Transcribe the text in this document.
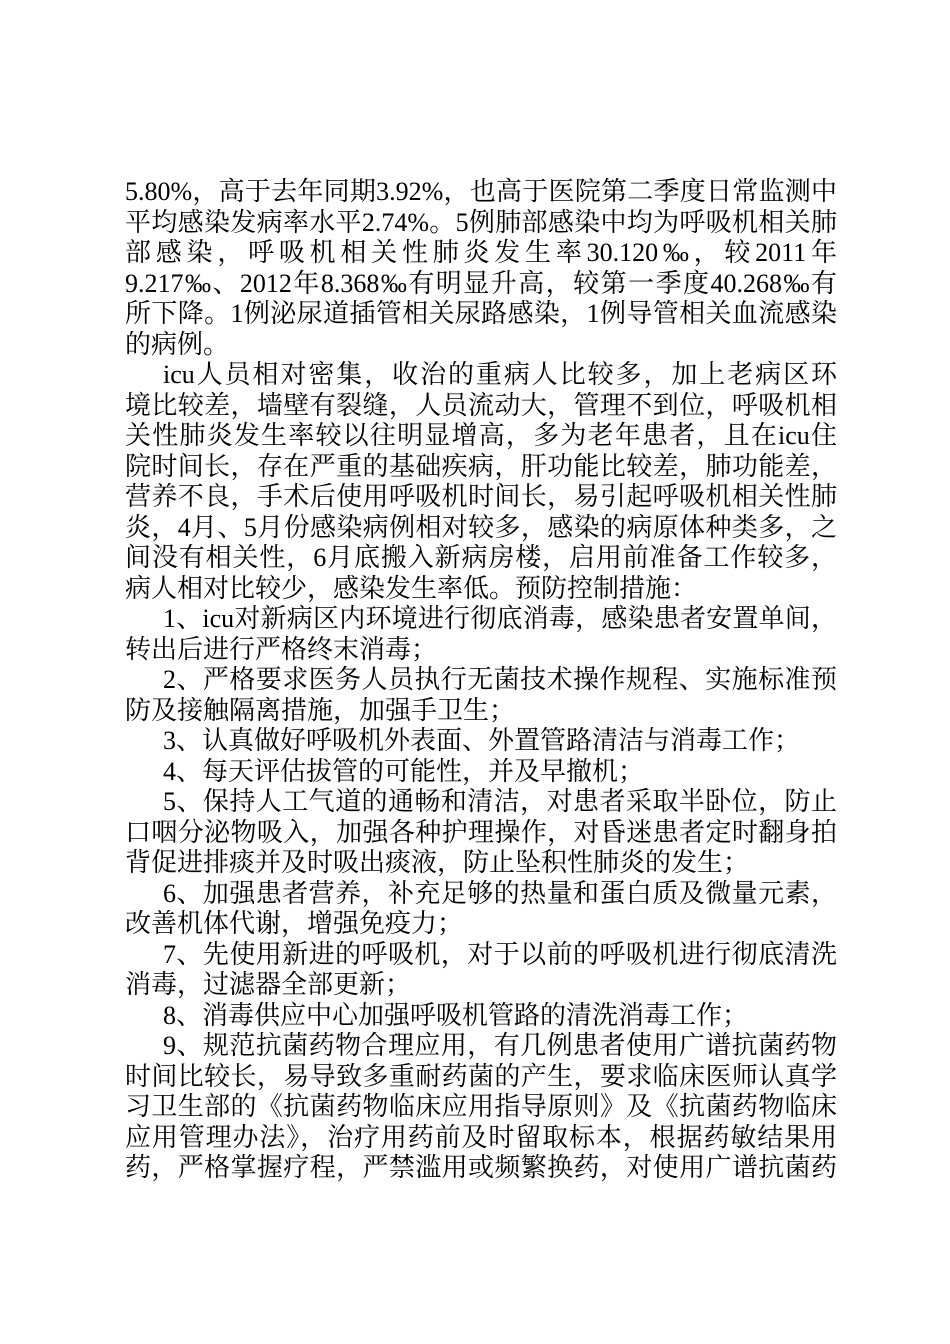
5.80%，高于去年同期3.92%，也高于医院第二季度日常监测中
平均感染发病率水平2.74%。5例肺部感染中均为呼吸机相关肺
部感染，呼吸机相关性肺炎发生率30.120‰，较2011年
9.217‰、2012年8.368‰有明显升高，较第一季度40.268‰有
所下降。1例泌尿道插管相关尿路感染，1例导管相关血流感染
的病例。
icu人员相对密集，收治的重病人比较多，加上老病区环
境比较差，墙壁有裂缝，人员流动大，管理不到位，呼吸机相
关性肺炎发生率较以往明显增高，多为老年患者，且在icu住
院时间长，存在严重的基础疾病，肝功能比较差，肺功能差，
营养不良，手术后使用呼吸机时间长，易引起呼吸机相关性肺
炎，4月、5月份感染病例相对较多，感染的病原体种类多，之
间没有相关性，6月底搬入新病房楼，启用前准备工作较多，
病人相对比较少，感染发生率低。预防控制措施：
1、icu对新病区内环境进行彻底消毒，感染患者安置单间，
转出后进行严格终末消毒；
2、严格要求医务人员执行无菌技术操作规程、实施标准预
防及接触隔离措施，加强手卫生；
3、认真做好呼吸机外表面、外置管路清洁与消毒工作；
4、每天评估拔管的可能性，并及早撤机；
5、保持人工气道的通畅和清洁，对患者采取半卧位，防止
口咽分泌物吸入，加强各种护理操作，对昏迷患者定时翻身拍
背促进排痰并及时吸出痰液，防止坠积性肺炎的发生；
6、加强患者营养，补充足够的热量和蛋白质及微量元素，
改善机体代谢，增强免疫力；
7、先使用新进的呼吸机，对于以前的呼吸机进行彻底清洗
消毒，过滤器全部更新；
8、消毒供应中心加强呼吸机管路的清洗消毒工作；
9、规范抗菌药物合理应用，有几例患者使用广谱抗菌药物
时间比较长，易导致多重耐药菌的产生，要求临床医师认真学
习卫生部的《抗菌药物临床应用指导原则》及《抗菌药物临床
应用管理办法》，治疗用药前及时留取标本，根据药敏结果用
药，严格掌握疗程，严禁滥用或频繁换药，对使用广谱抗菌药
